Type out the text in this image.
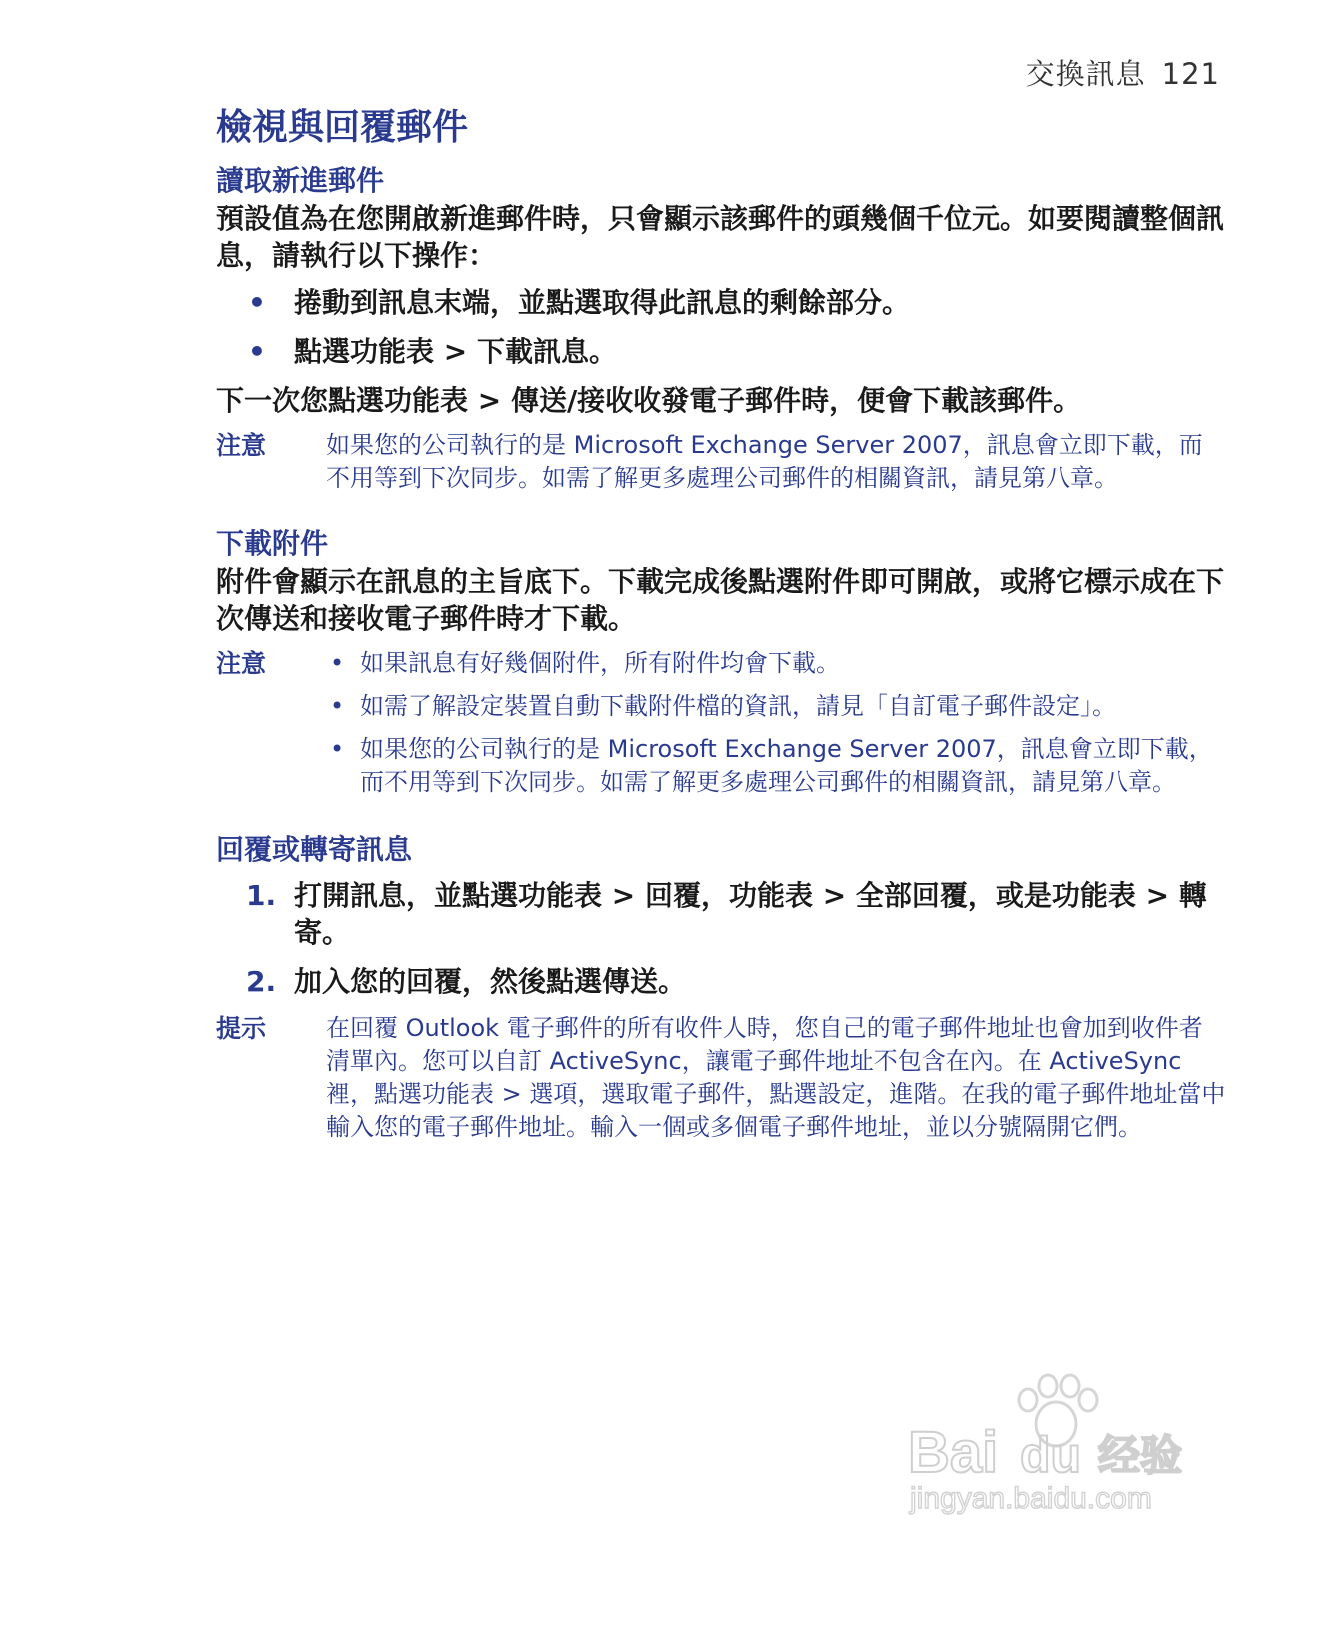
交換訊息 121
檢視與回覆郵件
讀取新進郵件

預設值為在您開啟新進郵件時，只會顯示該郵件的頭幾個千位元。如要閱讀整個訊息，請執行以下操作：

• 捲動到訊息末端，並點選取得此訊息的剩餘部分。
• 點選功能表 > 下載訊息。

下一次您點選功能表 > 傳送/接收收發電子郵件時，便會下載該郵件。

注意	如果您的公司執行的是 Microsoft Exchange Server 2007，訊息會立即下載，而不用等到下次同步。如需了解更多處理公司郵件的相關資訊，請見第八章。
下載附件

附件會顯示在訊息的主旨底下。下載完成後點選附件即可開啟，或將它標示成在下次傳送和接收電子郵件時才下載。

注意	• 如果訊息有好幾個附件，所有附件均會下載。
• 如需了解設定裝置自動下載附件檔的資訊，請見「自訂電子郵件設定」。
• 如果您的公司執行的是 Microsoft Exchange Server 2007，訊息會立即下載，而不用等到下次同步。如需了解更多處理公司郵件的相關資訊，請見第八章。
回覆或轉寄訊息
1. 打開訊息，並點選功能表 > 回覆，功能表 > 全部回覆，或是功能表 > 轉寄。
2. 加入您的回覆，然後點選傳送。
提示	在回覆 Outlook 電子郵件的所有收件人時，您自己的電子郵件地址也會加到收件者清單內。您可以自訂 ActiveSync，讓電子郵件地址不包含在內。在 ActiveSync 裡，點選功能表 > 選項，選取電子郵件，點選設定，進階。在我的電子郵件地址當中輸入您的電子郵件地址。輸入一個或多個電子郵件地址，並以分號隔開它們。
Bai du 经验
jingyan.baidu.com
